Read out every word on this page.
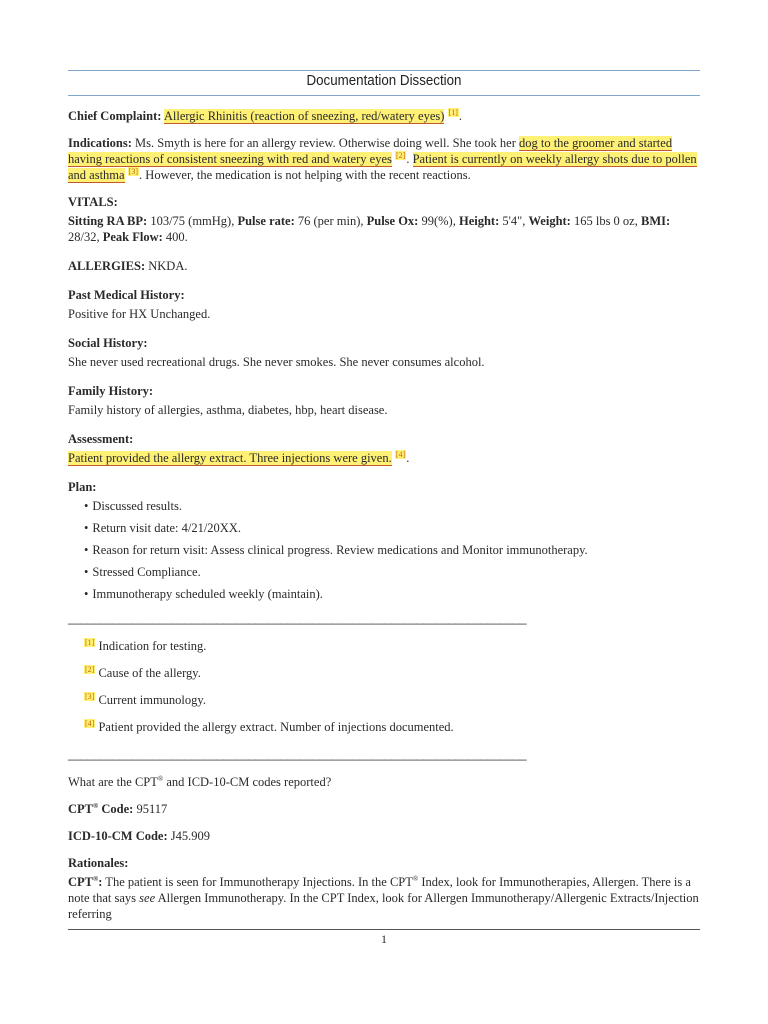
Documentation Dissection

Chief Complaint: Allergic Rhinitis (reaction of sneezing, red/watery eyes) [1].

Indications: Ms. Smyth is here for an allergy review. Otherwise doing well. She took her dog to the groomer and started having reactions of consistent sneezing with red and watery eyes [2]. Patient is currently on weekly allergy shots due to pollen and asthma [3]. However, the medication is not helping with the recent reactions.

VITALS:
Sitting RA BP: 103/75 (mmHg), Pulse rate: 76 (per min), Pulse Ox: 99(%), Height: 5'4", Weight: 165 lbs 0 oz, BMI: 28/32, Peak Flow: 400.

ALLERGIES: NKDA.

Past Medical History:

Positive for HX Unchanged.

Social History:

She never used recreational drugs. She never smokes. She never consumes alcohol.

Family History:

Family history of allergies, asthma, diabetes, hbp, heart disease.

Assessment:

Patient provided the allergy extract. Three injections were given. [4].

Plan:
• Discussed results.
• Return visit date: 4/21/20XX.
• Reason for return visit: Assess clinical progress. Review medications and Monitor immunotherapy.
• Stressed Compliance.
• Immunotherapy scheduled weekly (maintain).
_______________________________________________________________________

[1] Indication for testing.

[2] Cause of the allergy.

[3] Current immunology.

[4] Patient provided the allergy extract. Number of injections documented.

_______________________________________________________________________

What are the CPT® and ICD-10-CM codes reported?

CPT® Code: 95117

ICD-10-CM Code: J45.909

Rationales:

CPT®: The patient is seen for Immunotherapy Injections. In the CPT® Index, look for Immunotherapies, Allergen. There is a note that says see Allergen Immunotherapy. In the CPT Index, look for Allergen Immunotherapy/Allergenic Extracts/Injection referring

1
